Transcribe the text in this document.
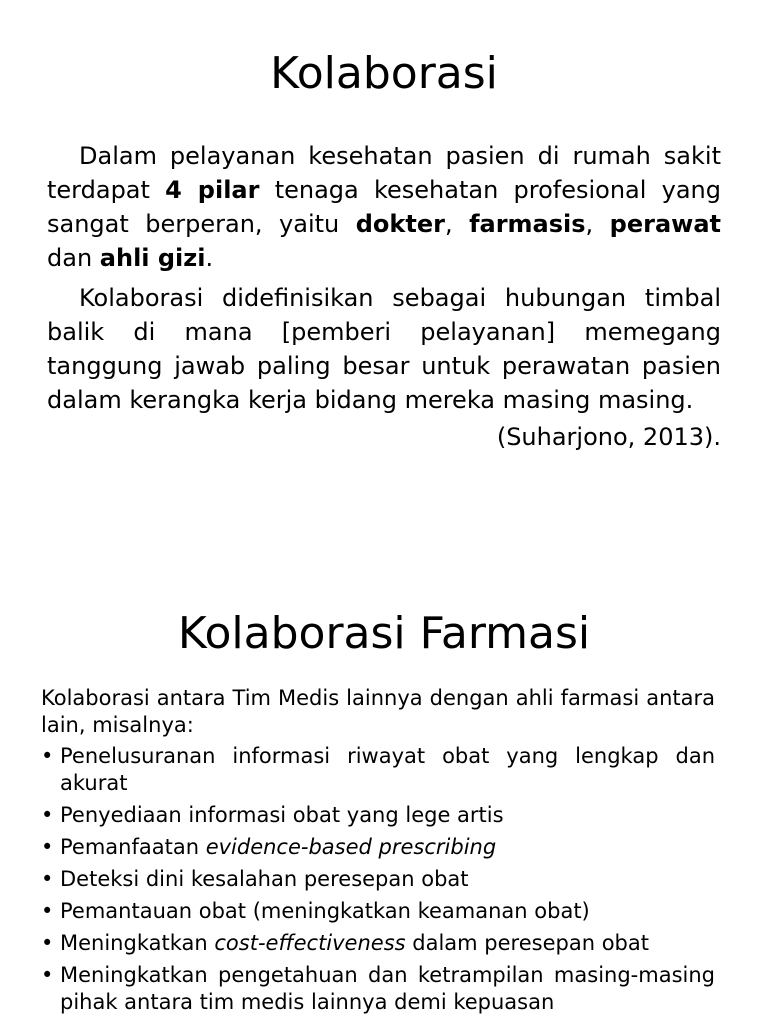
Kolaborasi

Dalam pelayanan kesehatan pasien di rumah sakit terdapat 4 pilar tenaga kesehatan profesional yang sangat berperan, yaitu dokter, farmasis, perawat dan ahli gizi.

Kolaborasi didefinisikan sebagai hubungan timbal balik di mana [pemberi pelayanan] memegang tanggung jawab paling besar untuk perawatan pasien dalam kerangka kerja bidang mereka masing masing.

(Suharjono, 2013).

Kolaborasi Farmasi

Kolaborasi antara Tim Medis lainnya dengan ahli farmasi antara lain, misalnya:

• Penelusuranan informasi riwayat obat yang lengkap dan akurat
• Penyediaan informasi obat yang lege artis
• Pemanfaatan evidence-based prescribing
• Deteksi dini kesalahan peresepan obat
• Pemantauan obat (meningkatkan keamanan obat)
• Meningkatkan cost-effectiveness dalam peresepan obat
• Meningkatkan pengetahuan dan ketrampilan masing-masing pihak antara tim medis lainnya demi kepuasan
